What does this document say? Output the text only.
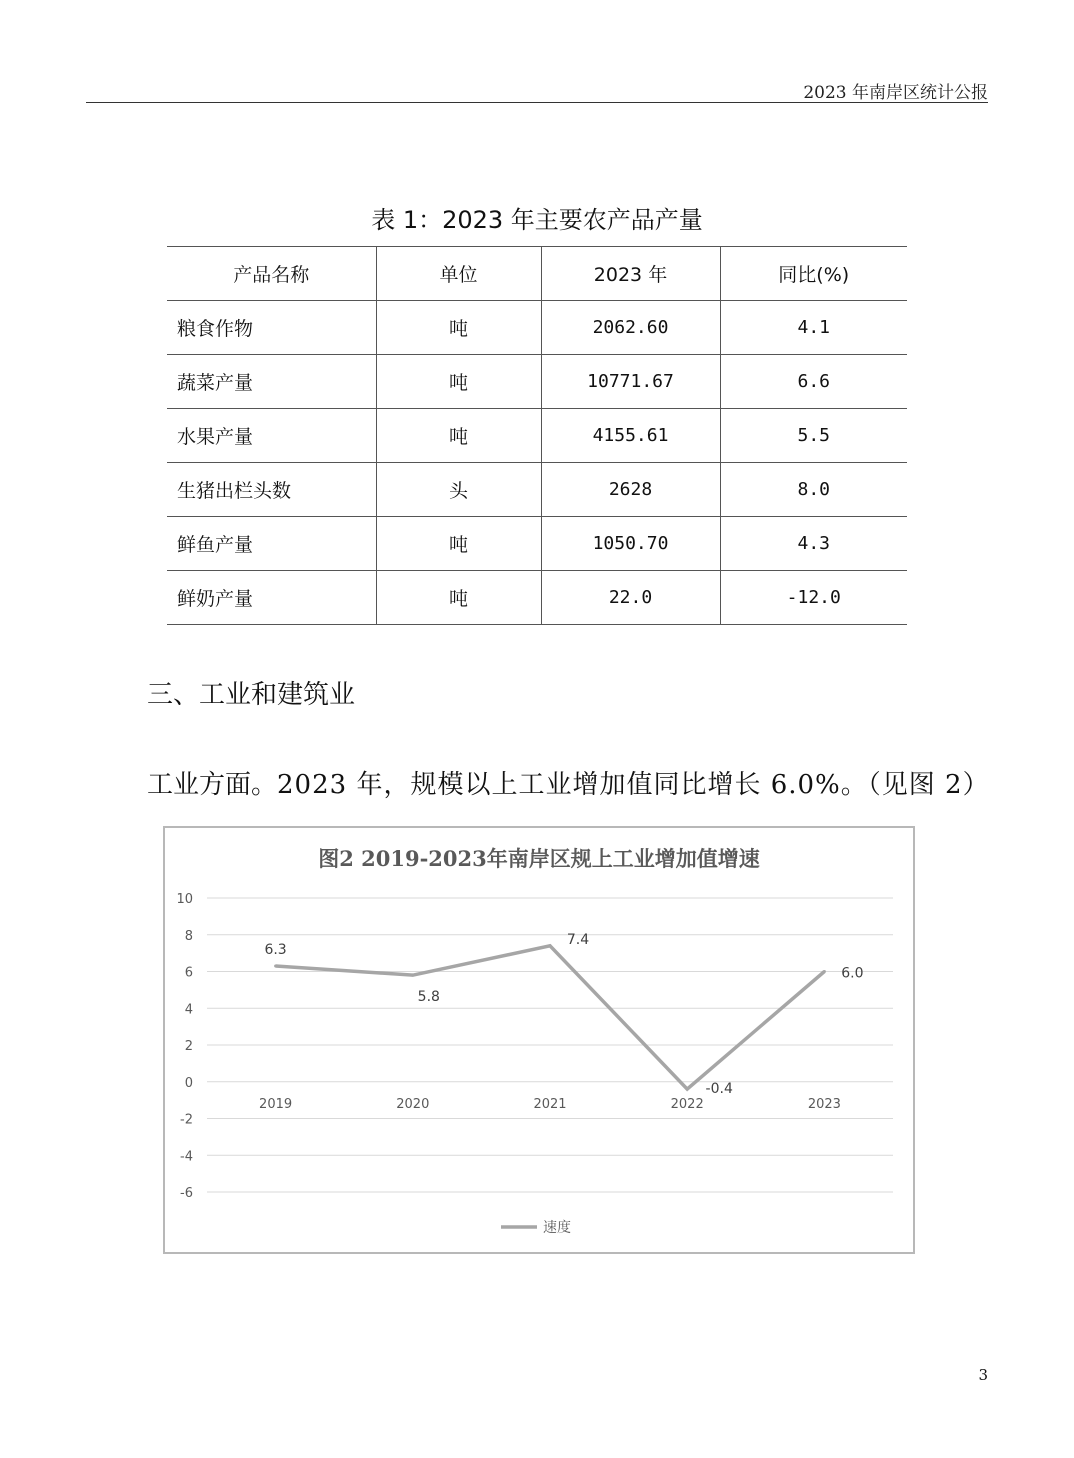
2023 年南岸区统计公报
表 1：2023 年主要农产品产量
产品名称	单位	2023 年	同比(%)
粮食作物	吨	2062.60	4.1
蔬菜产量	吨	10771.67	6.6
水果产量	吨	4155.61	5.5
生猪出栏头数	头	2628	8.0
鲜鱼产量	吨	1050.70	4.3
鲜奶产量	吨	22.0	-12.0
三、工业和建筑业
工业方面。2023 年，规模以上工业增加值同比增长 6.0%。（见图 2）
图2 2019-2023年南岸区规上工业增加值增速
10
8
6
4
2
0
-2
-4
-6
2019	2020	2021	2022	2023
6.3
5.8
7.4
-0.4
6.0
速度
3
